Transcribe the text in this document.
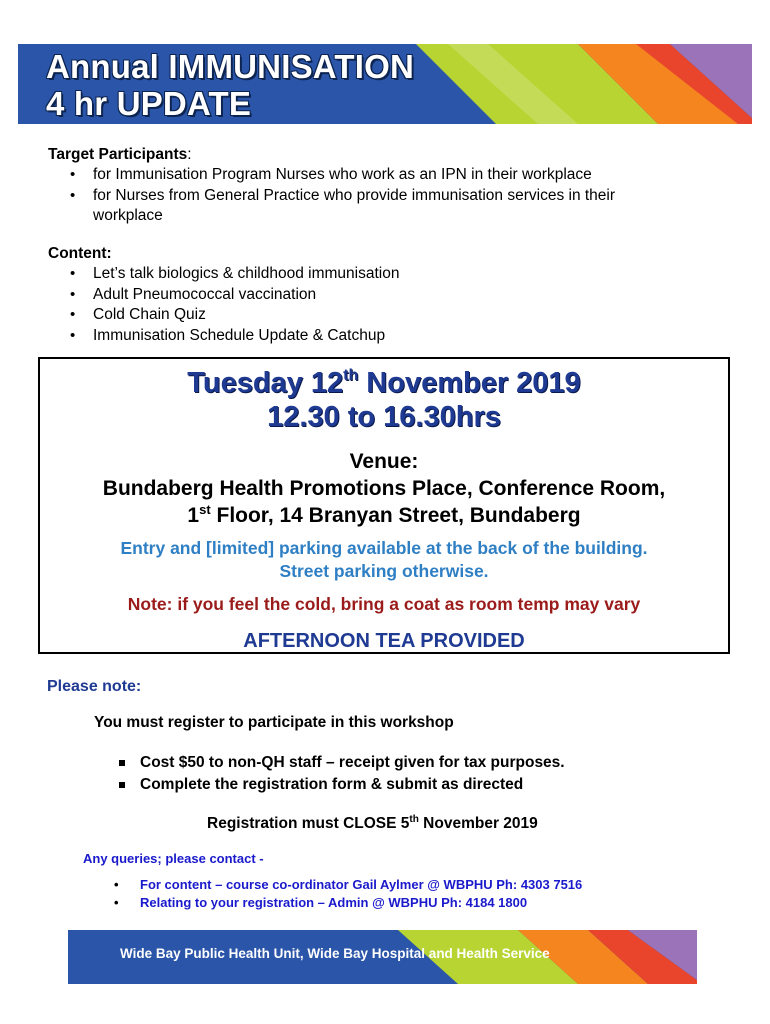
Annual IMMUNISATION
4 hr UPDATE
Target Participants:
• for Immunisation Program Nurses who work as an IPN in their workplace
• for Nurses from General Practice who provide immunisation services in their workplace
Content:
• Let’s talk biologics & childhood immunisation
• Adult Pneumococcal vaccination
• Cold Chain Quiz
• Immunisation Schedule Update & Catchup
Tuesday 12th November 2019
12.30 to 16.30hrs
Venue:
Bundaberg Health Promotions Place, Conference Room,
1st Floor, 14 Branyan Street, Bundaberg
Entry and [limited] parking available at the back of the building.
Street parking otherwise.
Note: if you feel the cold, bring a coat as room temp may vary
AFTERNOON TEA PROVIDED
Please note:
You must register to participate in this workshop
Cost $50 to non-QH staff – receipt given for tax purposes.
Complete the registration form & submit as directed
Registration must CLOSE 5th November 2019
Any queries; please contact -
• For content – course co-ordinator Gail Aylmer @ WBPHU Ph: 4303 7516
• Relating to your registration – Admin @ WBPHU Ph: 4184 1800
Wide Bay Public Health Unit, Wide Bay Hospital and Health Service
